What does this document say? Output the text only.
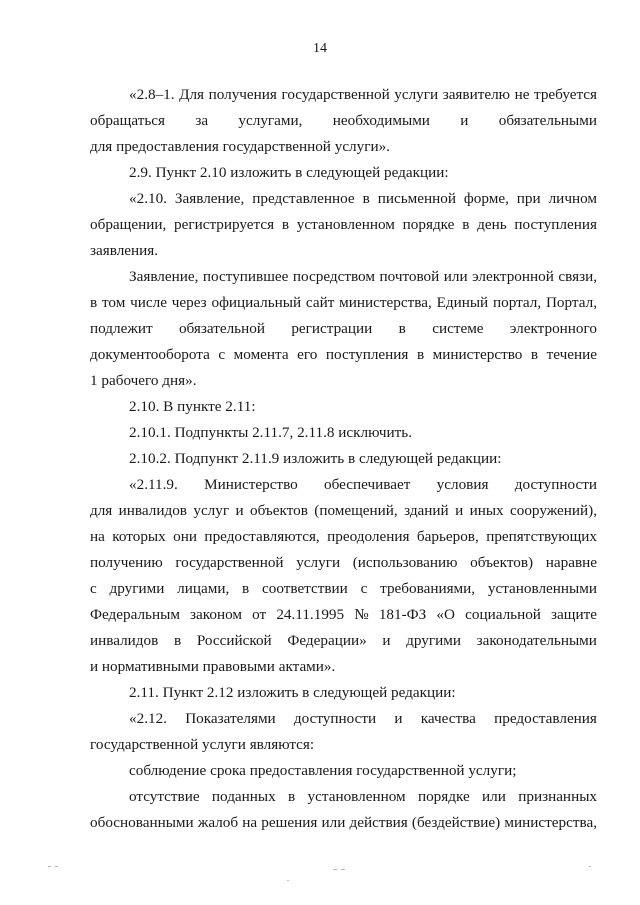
14
«2.8–1. Для получения государственной услуги заявителю не требуется
обращаться за услугами, необходимыми и обязательными
для предоставления государственной услуги».
2.9. Пункт 2.10 изложить в следующей редакции:
«2.10. Заявление, представленное в письменной форме, при личном
обращении, регистрируется в установленном порядке в день поступления
заявления.
Заявление, поступившее посредством почтовой или электронной связи,
в том числе через официальный сайт министерства, Единый портал, Портал,
подлежит обязательной регистрации в системе электронного
документооборота с момента его поступления в министерство в течение
1 рабочего дня».
2.10. В пункте 2.11:
2.10.1. Подпункты 2.11.7, 2.11.8 исключить.
2.10.2. Подпункт 2.11.9 изложить в следующей редакции:
«2.11.9. Министерство обеспечивает условия доступности
для инвалидов услуг и объектов (помещений, зданий и иных сооружений),
на которых они предоставляются, преодоления барьеров, препятствующих
получению государственной услуги (использованию объектов) наравне
с другими лицами, в соответствии с требованиями, установленными
Федеральным законом от 24.11.1995 № 181-ФЗ «О социальной защите
инвалидов в Российской Федерации» и другими законодательными
и нормативными правовыми актами».
2.11. Пункт 2.12 изложить в следующей редакции:
«2.12. Показателями доступности и качества предоставления
государственной услуги являются:
соблюдение срока предоставления государственной услуги;
отсутствие поданных в установленном порядке или признанных
обоснованными жалоб на решения или действия (бездействие) министерства,
